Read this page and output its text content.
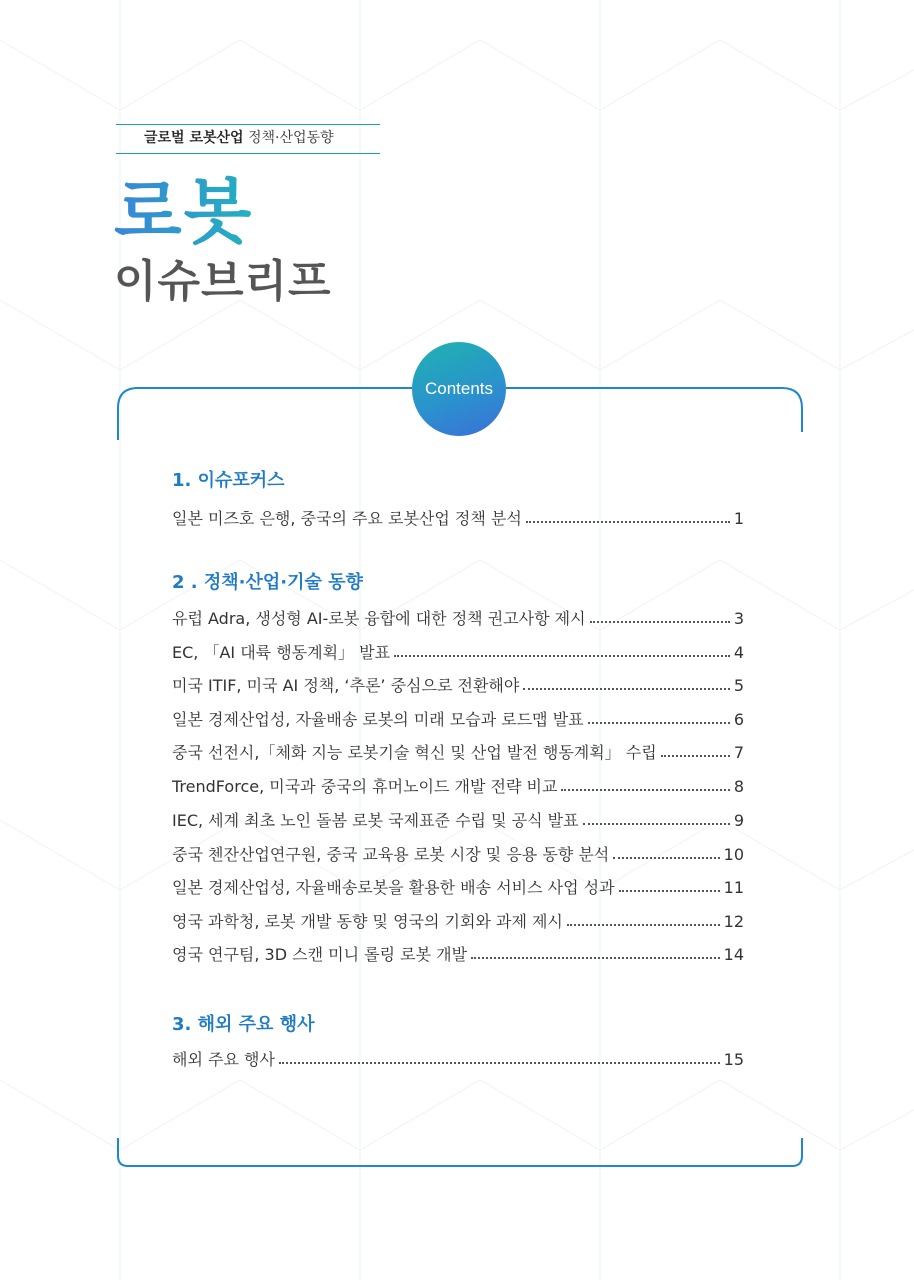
글로벌 로봇산업 정책·산업동향
로봇
이슈브리프
Contents
1. 이슈포커스
일본 미즈호 은행, 중국의 주요 로봇산업 정책 분석	1
2 . 정책·산업·기술 동향
유럽 Adra, 생성형 AI-로봇 융합에 대한 정책 권고사항 제시	3
EC, 「AI 대륙 행동계획」 발표	4
미국 ITIF, 미국 AI 정책, ‘추론’ 중심으로 전환해야	5
일본 경제산업성, 자율배송 로봇의 미래 모습과 로드맵 발표	6
중국 선전시,「체화 지능 로봇기술 혁신 및 산업 발전 행동계획」 수립	7
TrendForce, 미국과 중국의 휴머노이드 개발 전략 비교	8
IEC, 세계 최초 노인 돌봄 로봇 국제표준 수립 및 공식 발표	9
중국 첸잔산업연구원, 중국 교육용 로봇 시장 및 응용 동향 분석	10
일본 경제산업성, 자율배송로봇을 활용한 배송 서비스 사업 성과	11
영국 과학청, 로봇 개발 동향 및 영국의 기회와 과제 제시	12
영국 연구팀, 3D 스캔 미니 롤링 로봇 개발	14
3. 해외 주요 행사
해외 주요 행사	15
